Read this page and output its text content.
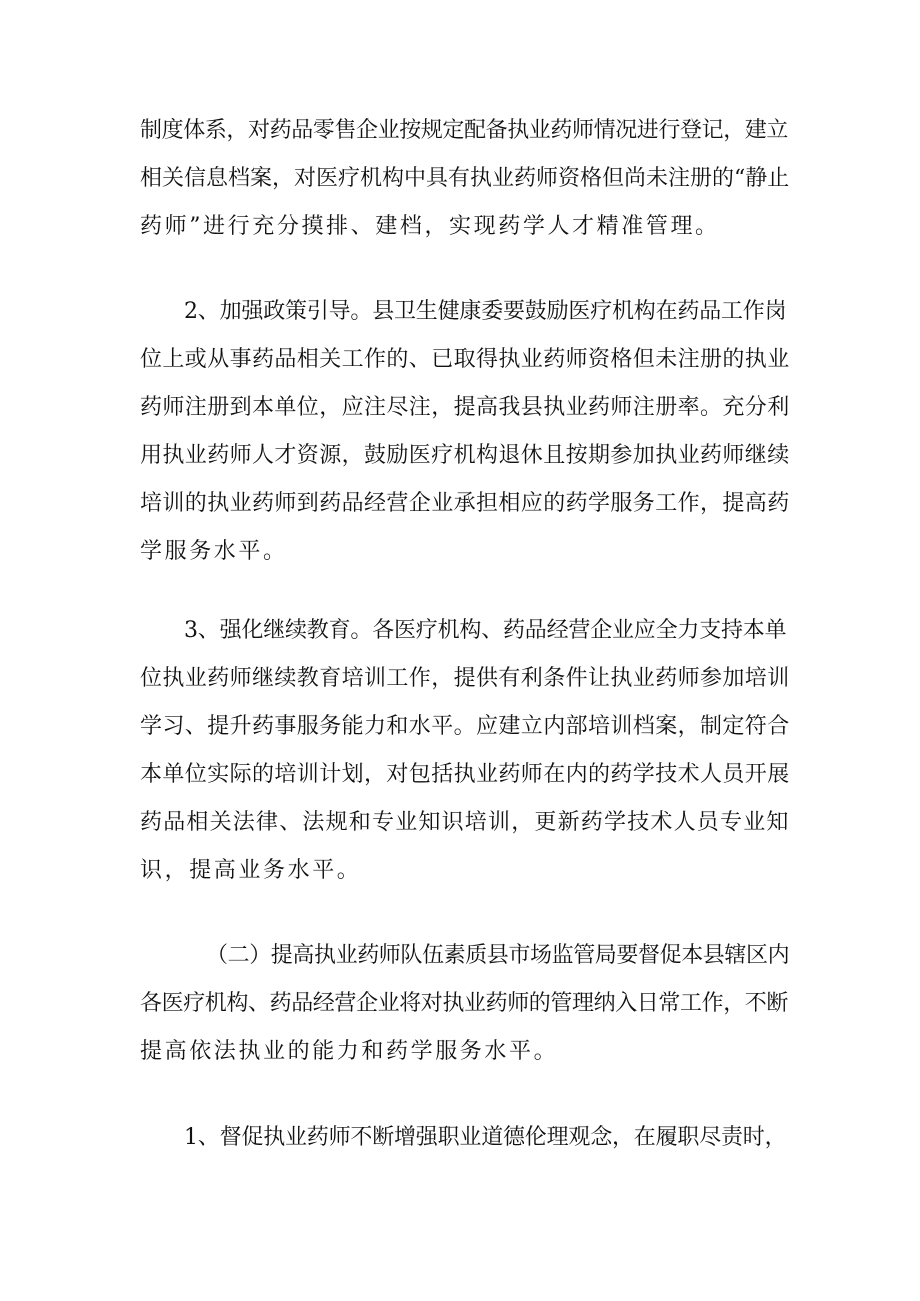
制度体系，对药品零售企业按规定配备执业药师情况进行登记，建立
相关信息档案，对医疗机构中具有执业药师资格但尚未注册的“静止
药师”进行充分摸排、建档，实现药学人才精准管理。
2、加强政策引导。县卫生健康委要鼓励医疗机构在药品工作岗
位上或从事药品相关工作的、已取得执业药师资格但未注册的执业
药师注册到本单位，应注尽注，提高我县执业药师注册率。充分利
用执业药师人才资源，鼓励医疗机构退休且按期参加执业药师继续
培训的执业药师到药品经营企业承担相应的药学服务工作，提高药
学服务水平。
3、强化继续教育。各医疗机构、药品经营企业应全力支持本单
位执业药师继续教育培训工作，提供有利条件让执业药师参加培训
学习、提升药事服务能力和水平。应建立内部培训档案，制定符合
本单位实际的培训计划，对包括执业药师在内的药学技术人员开展
药品相关法律、法规和专业知识培训，更新药学技术人员专业知
识，提高业务水平。
（二）提高执业药师队伍素质县市场监管局要督促本县辖区内
各医疗机构、药品经营企业将对执业药师的管理纳入日常工作，不断
提高依法执业的能力和药学服务水平。
1、督促执业药师不断增强职业道德伦理观念，在履职尽责时，
